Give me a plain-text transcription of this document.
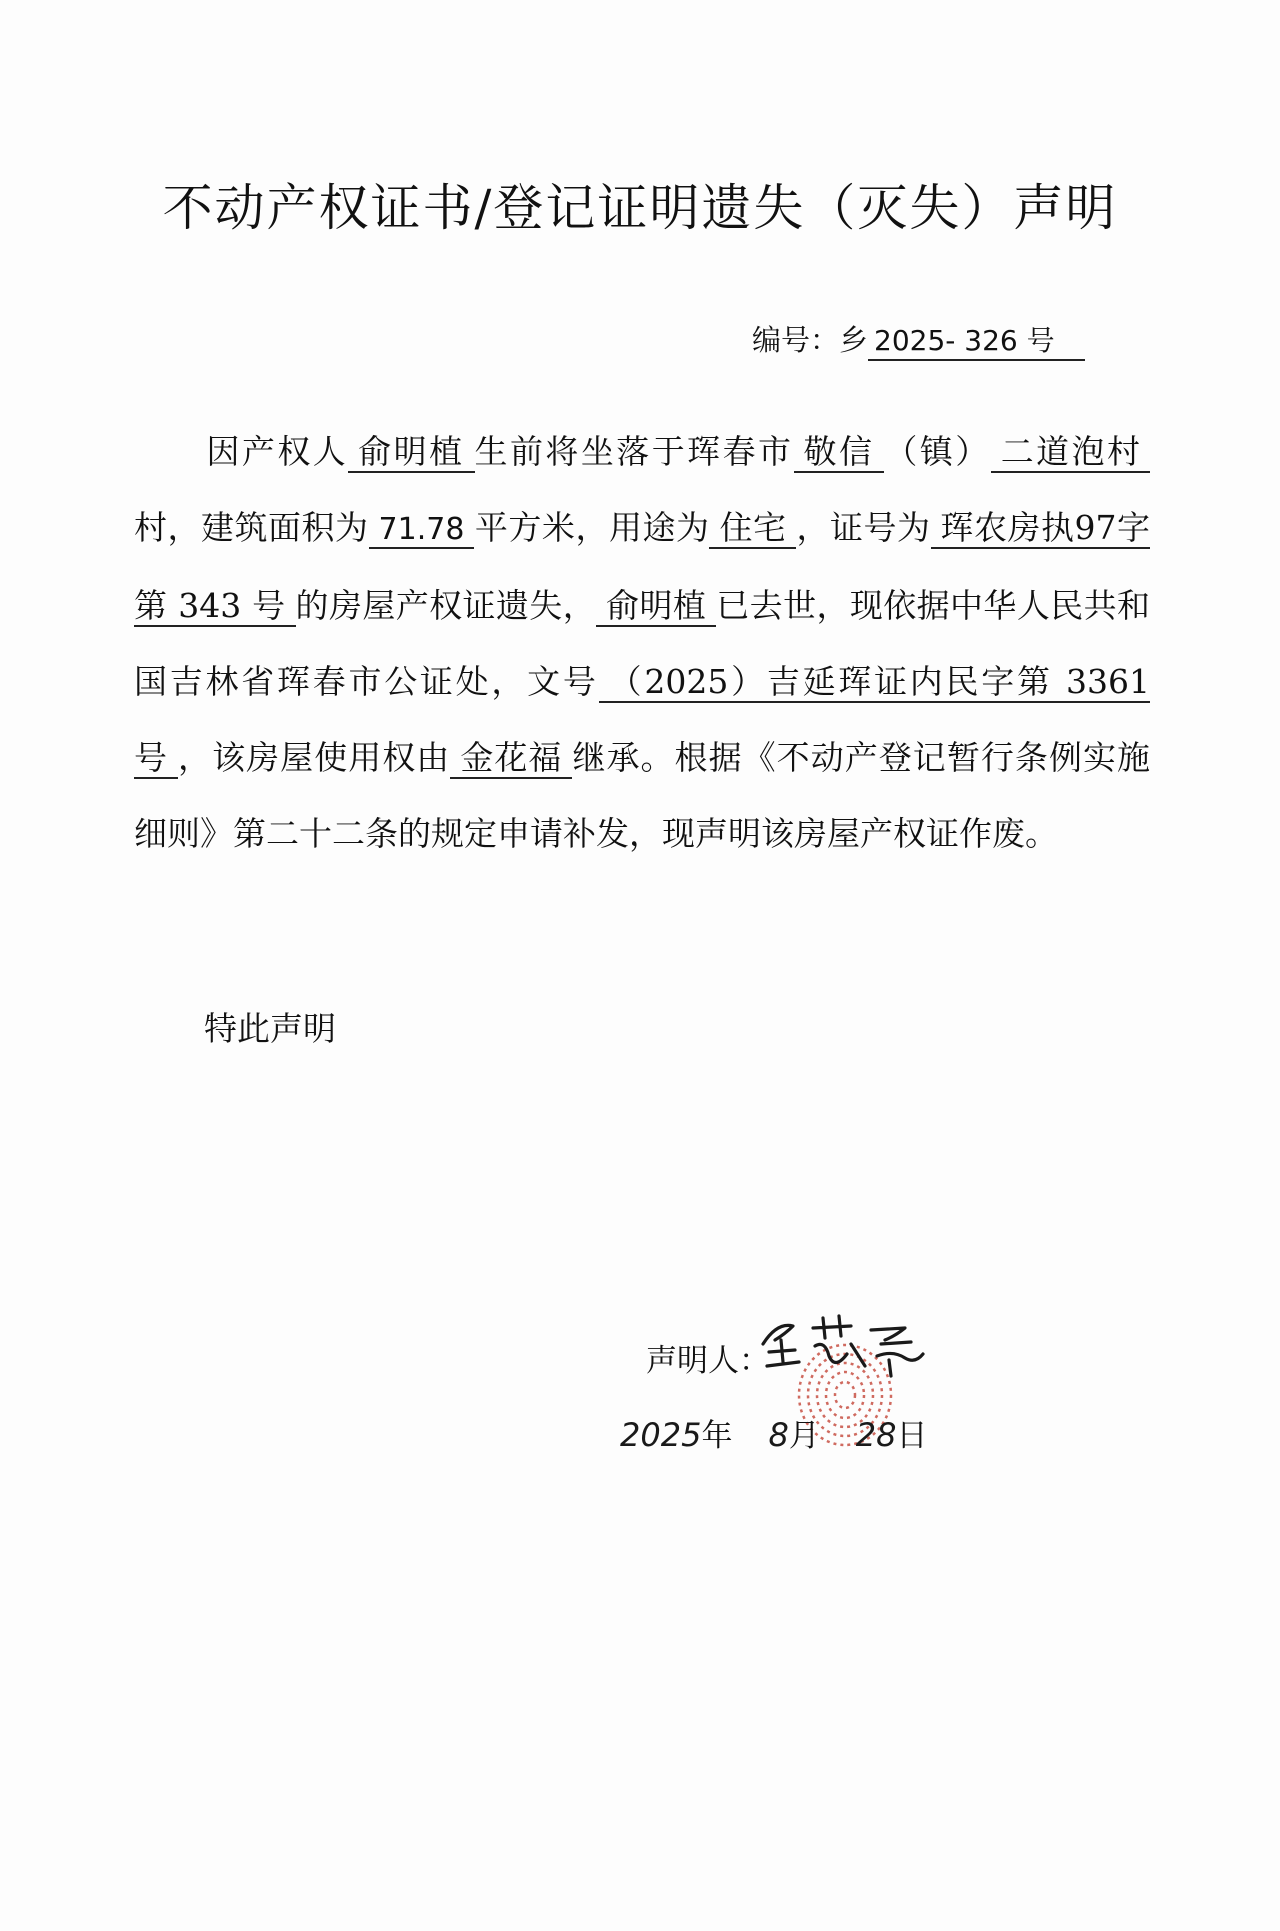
不动产权证书/登记证明遗失（灭失）声明
编号：乡 2025- 326 号
因产权人 俞明植 生前将坐落于珲春市 敬信 （镇） 二道泡村村，建筑面积为 71.78 平方米，用途为 住宅 ，证号为 珲农房执97字第 343 号 的房屋产权证遗失， 俞明植 已去世，现依据中华人民共和国吉林省珲春市公证处，文号 （2025）吉延珲证内民字第 3361 号 ，该房屋使用权由 金花福 继承。根据《不动产登记暂行条例实施细则》第二十二条的规定申请补发，现声明该房屋产权证作废。
特此声明
声明人：
2025年 8月 28日
